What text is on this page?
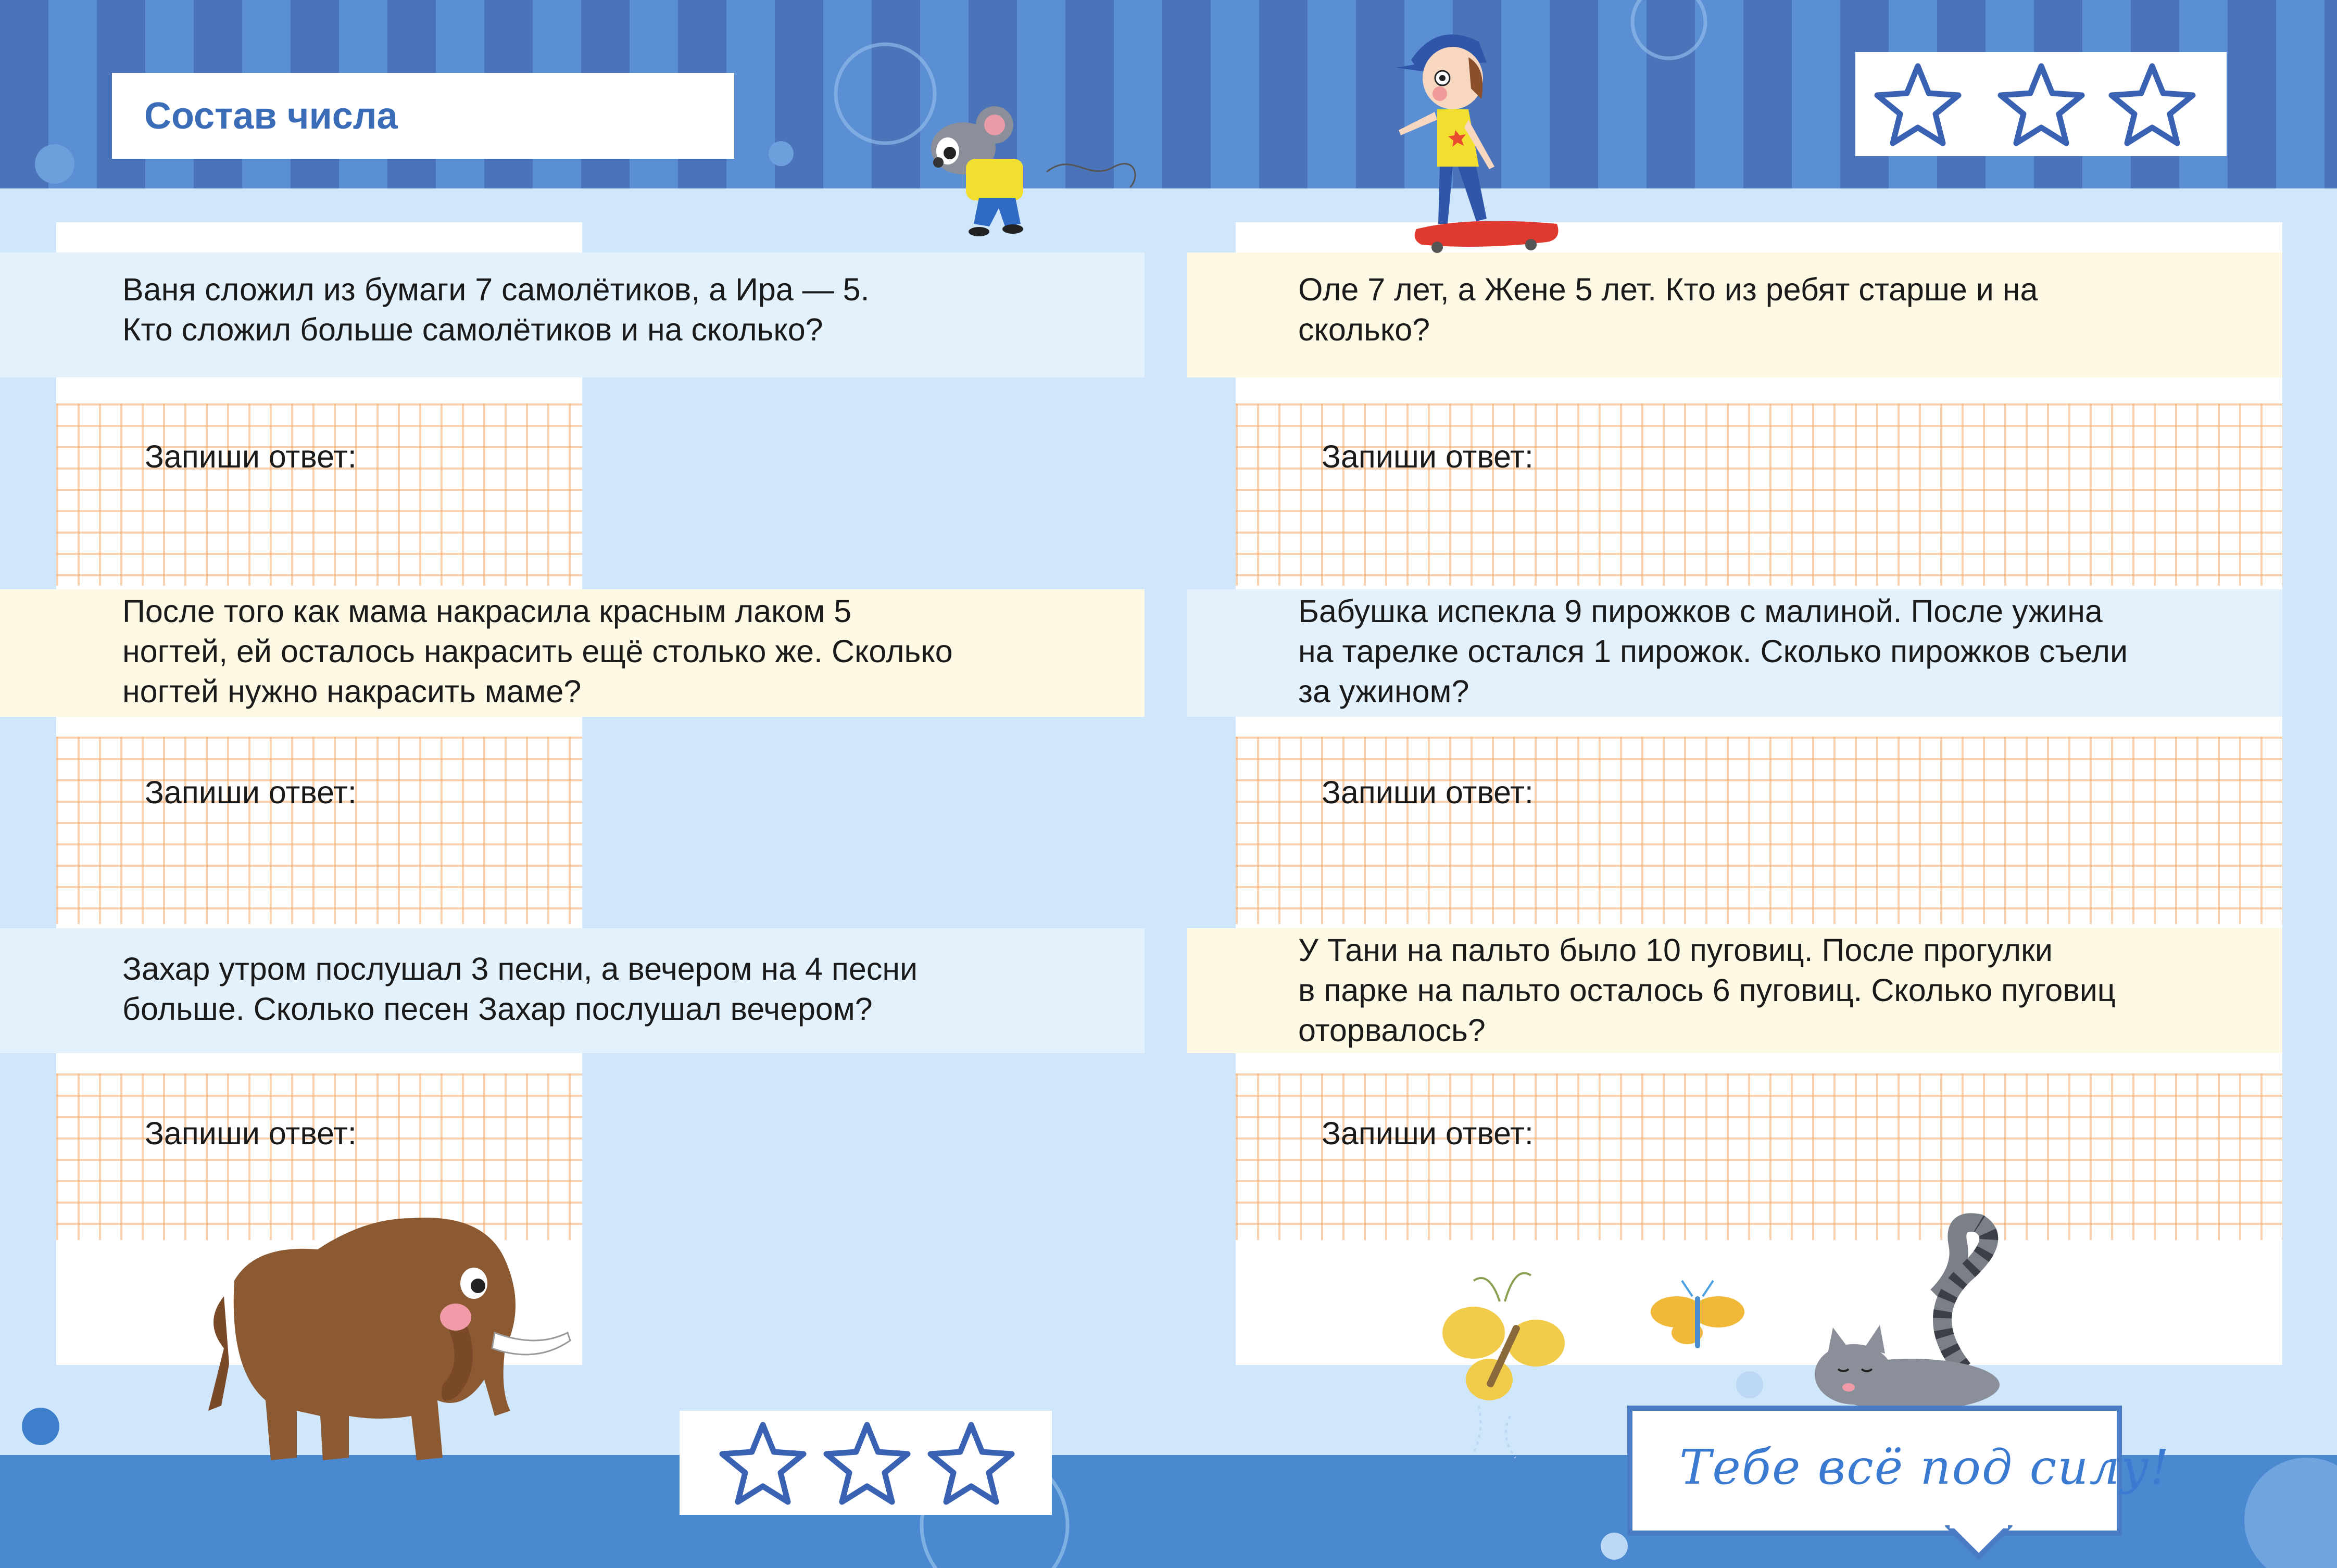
Состав числа
Ваня сложил из бумаги 7 самолётиков, а Ира — 5.
Кто сложил больше самолётиков и на сколько?
Запиши ответ:
После того как мама накрасила красным лаком 5
ногтей, ей осталось накрасить ещё столько же. Сколько
ногтей нужно накрасить маме?
Запиши ответ:
Захар утром послушал 3 песни, а вечером на 4 песни
больше. Сколько песен Захар послушал вечером?
Запиши ответ:
Оле 7 лет, а Жене 5 лет. Кто из ребят старше и на
сколько?
Запиши ответ:
Бабушка испекла 9 пирожков с малиной. После ужина
на тарелке остался 1 пирожок. Сколько пирожков съели
за ужином?
Запиши ответ:
У Тани на пальто было 10 пуговиц. После прогулки
в парке на пальто осталось 6 пуговиц. Сколько пуговиц
оторвалось?
Запиши ответ:
Тебе всё под силу!
